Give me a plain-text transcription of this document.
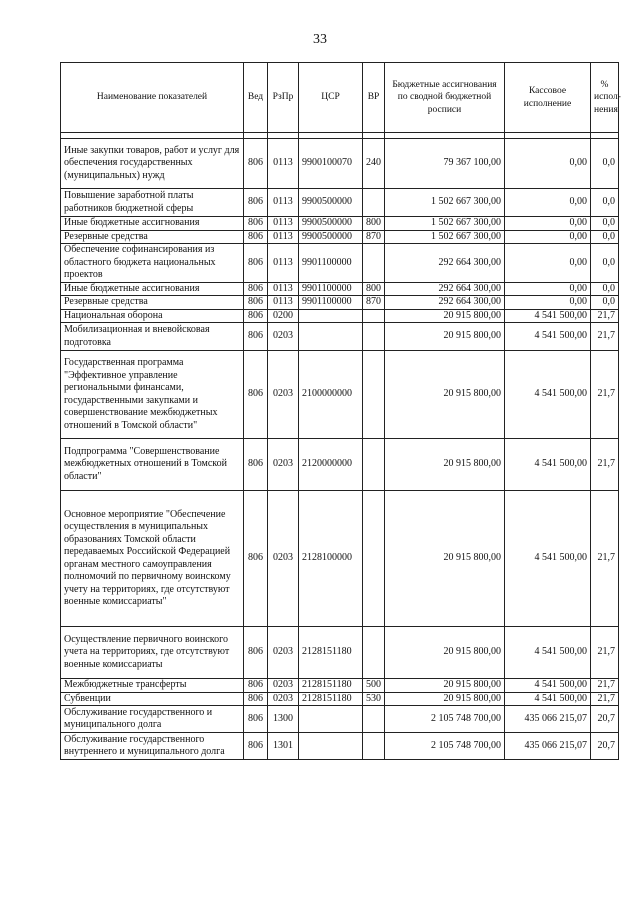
33
Наименование показателей	Вед	РзПр	ЦСР	ВР	Бюджетные ассигнования по сводной бюджетной росписи	Кассовое исполнение	% испол-нения

Иные закупки товаров, работ и услуг для обеспечения государственных (муниципальных) нужд	806	0113	9900100070	240	79 367 100,00	0,00	0,0
Повышение заработной платы работников бюджетной сферы	806	0113	9900500000		1 502 667 300,00	0,00	0,0
Иные бюджетные ассигнования	806	0113	9900500000	800	1 502 667 300,00	0,00	0,0
Резервные средства	806	0113	9900500000	870	1 502 667 300,00	0,00	0,0
Обеспечение софинансирования из областного бюджета национальных проектов	806	0113	9901100000		292 664 300,00	0,00	0,0
Иные бюджетные ассигнования	806	0113	9901100000	800	292 664 300,00	0,00	0,0
Резервные средства	806	0113	9901100000	870	292 664 300,00	0,00	0,0
Национальная оборона	806	0200			20 915 800,00	4 541 500,00	21,7
Мобилизационная и вневойсковая подготовка	806	0203			20 915 800,00	4 541 500,00	21,7
Государственная программа "Эффективное управление региональными финансами, государственными закупками и совершенствование межбюджетных отношений в Томской области"	806	0203	2100000000		20 915 800,00	4 541 500,00	21,7
Подпрограмма "Совершенствование межбюджетных отношений в Томской области"	806	0203	2120000000		20 915 800,00	4 541 500,00	21,7
Основное мероприятие "Обеспечение осуществления в муниципальных образованиях Томской области передаваемых Российской Федерацией органам местного самоуправления полномочий по первичному воинскому учету на территориях, где отсутствуют военные комиссариаты"	806	0203	2128100000		20 915 800,00	4 541 500,00	21,7
Осуществление первичного воинского учета на территориях, где отсутствуют военные комиссариаты	806	0203	2128151180		20 915 800,00	4 541 500,00	21,7
Межбюджетные трансферты	806	0203	2128151180	500	20 915 800,00	4 541 500,00	21,7
Субвенции	806	0203	2128151180	530	20 915 800,00	4 541 500,00	21,7
Обслуживание государственного и муниципального долга	806	1300			2 105 748 700,00	435 066 215,07	20,7
Обслуживание государственного внутреннего и муниципального долга	806	1301			2 105 748 700,00	435 066 215,07	20,7
